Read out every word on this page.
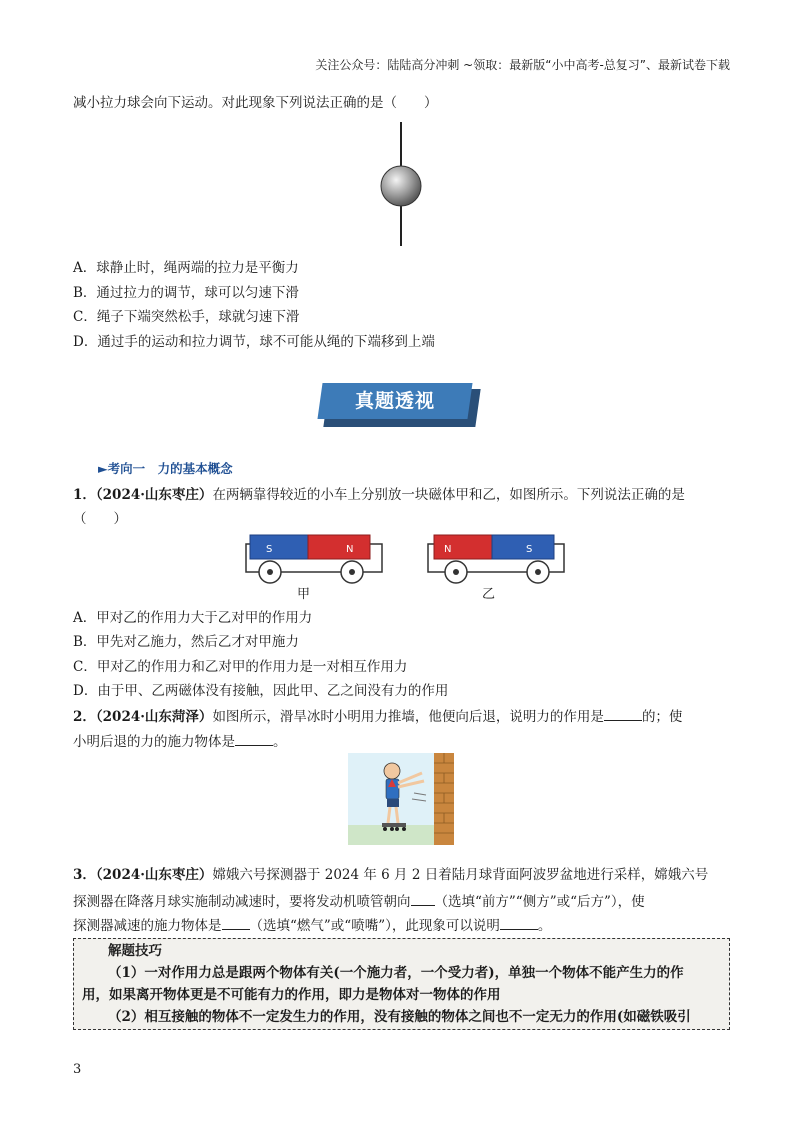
关注公众号：陆陆高分冲刺 ~领取：最新版“小中高考-总复习”、最新试卷下载
减小拉力球会向下运动。对此现象下列说法正确的是（　　）
A．球静止时，绳两端的拉力是平衡力
B．通过拉力的调节，球可以匀速下滑
C．绳子下端突然松手，球就匀速下滑
D．通过手的运动和拉力调节，球不可能从绳的下端移到上端
真题透视
►考向一　力的基本概念
1．（2024·山东枣庄）在两辆靠得较近的小车上分别放一块磁体甲和乙，如图所示。下列说法正确的是
（　　）
S	N
甲
N	S
乙
A．甲对乙的作用力大于乙对甲的作用力
B．甲先对乙施力，然后乙才对甲施力
C．甲对乙的作用力和乙对甲的作用力是一对相互作用力
D．由于甲、乙两磁体没有接触，因此甲、乙之间没有力的作用
2．（2024·山东菏泽）如图所示，滑旱冰时小明用力推墙，他便向后退，说明力的作用是	的；使
小明后退的力的施力物体是	。
3．（2024·山东枣庄）嫦娥六号探测器于 2024 年 6 月 2 日着陆月球背面阿波罗盆地进行采样，嫦娥六号
探测器在降落月球实施制动减速时，要将发动机喷管朝向 （选填“前方”“侧方”或“后方”），使
探测器减速的施力物体是 （选填“燃气”或“喷嘴”），此现象可以说明	。
解题技巧
（1）一对作用力总是跟两个物体有关(一个施力者，一个受力者)，单独一个物体不能产生力的作
用，如果离开物体更是不可能有力的作用，即力是物体对一物体的作用
（2）相互接触的物体不一定发生力的作用，没有接触的物体之间也不一定无力的作用(如磁铁吸引
3
